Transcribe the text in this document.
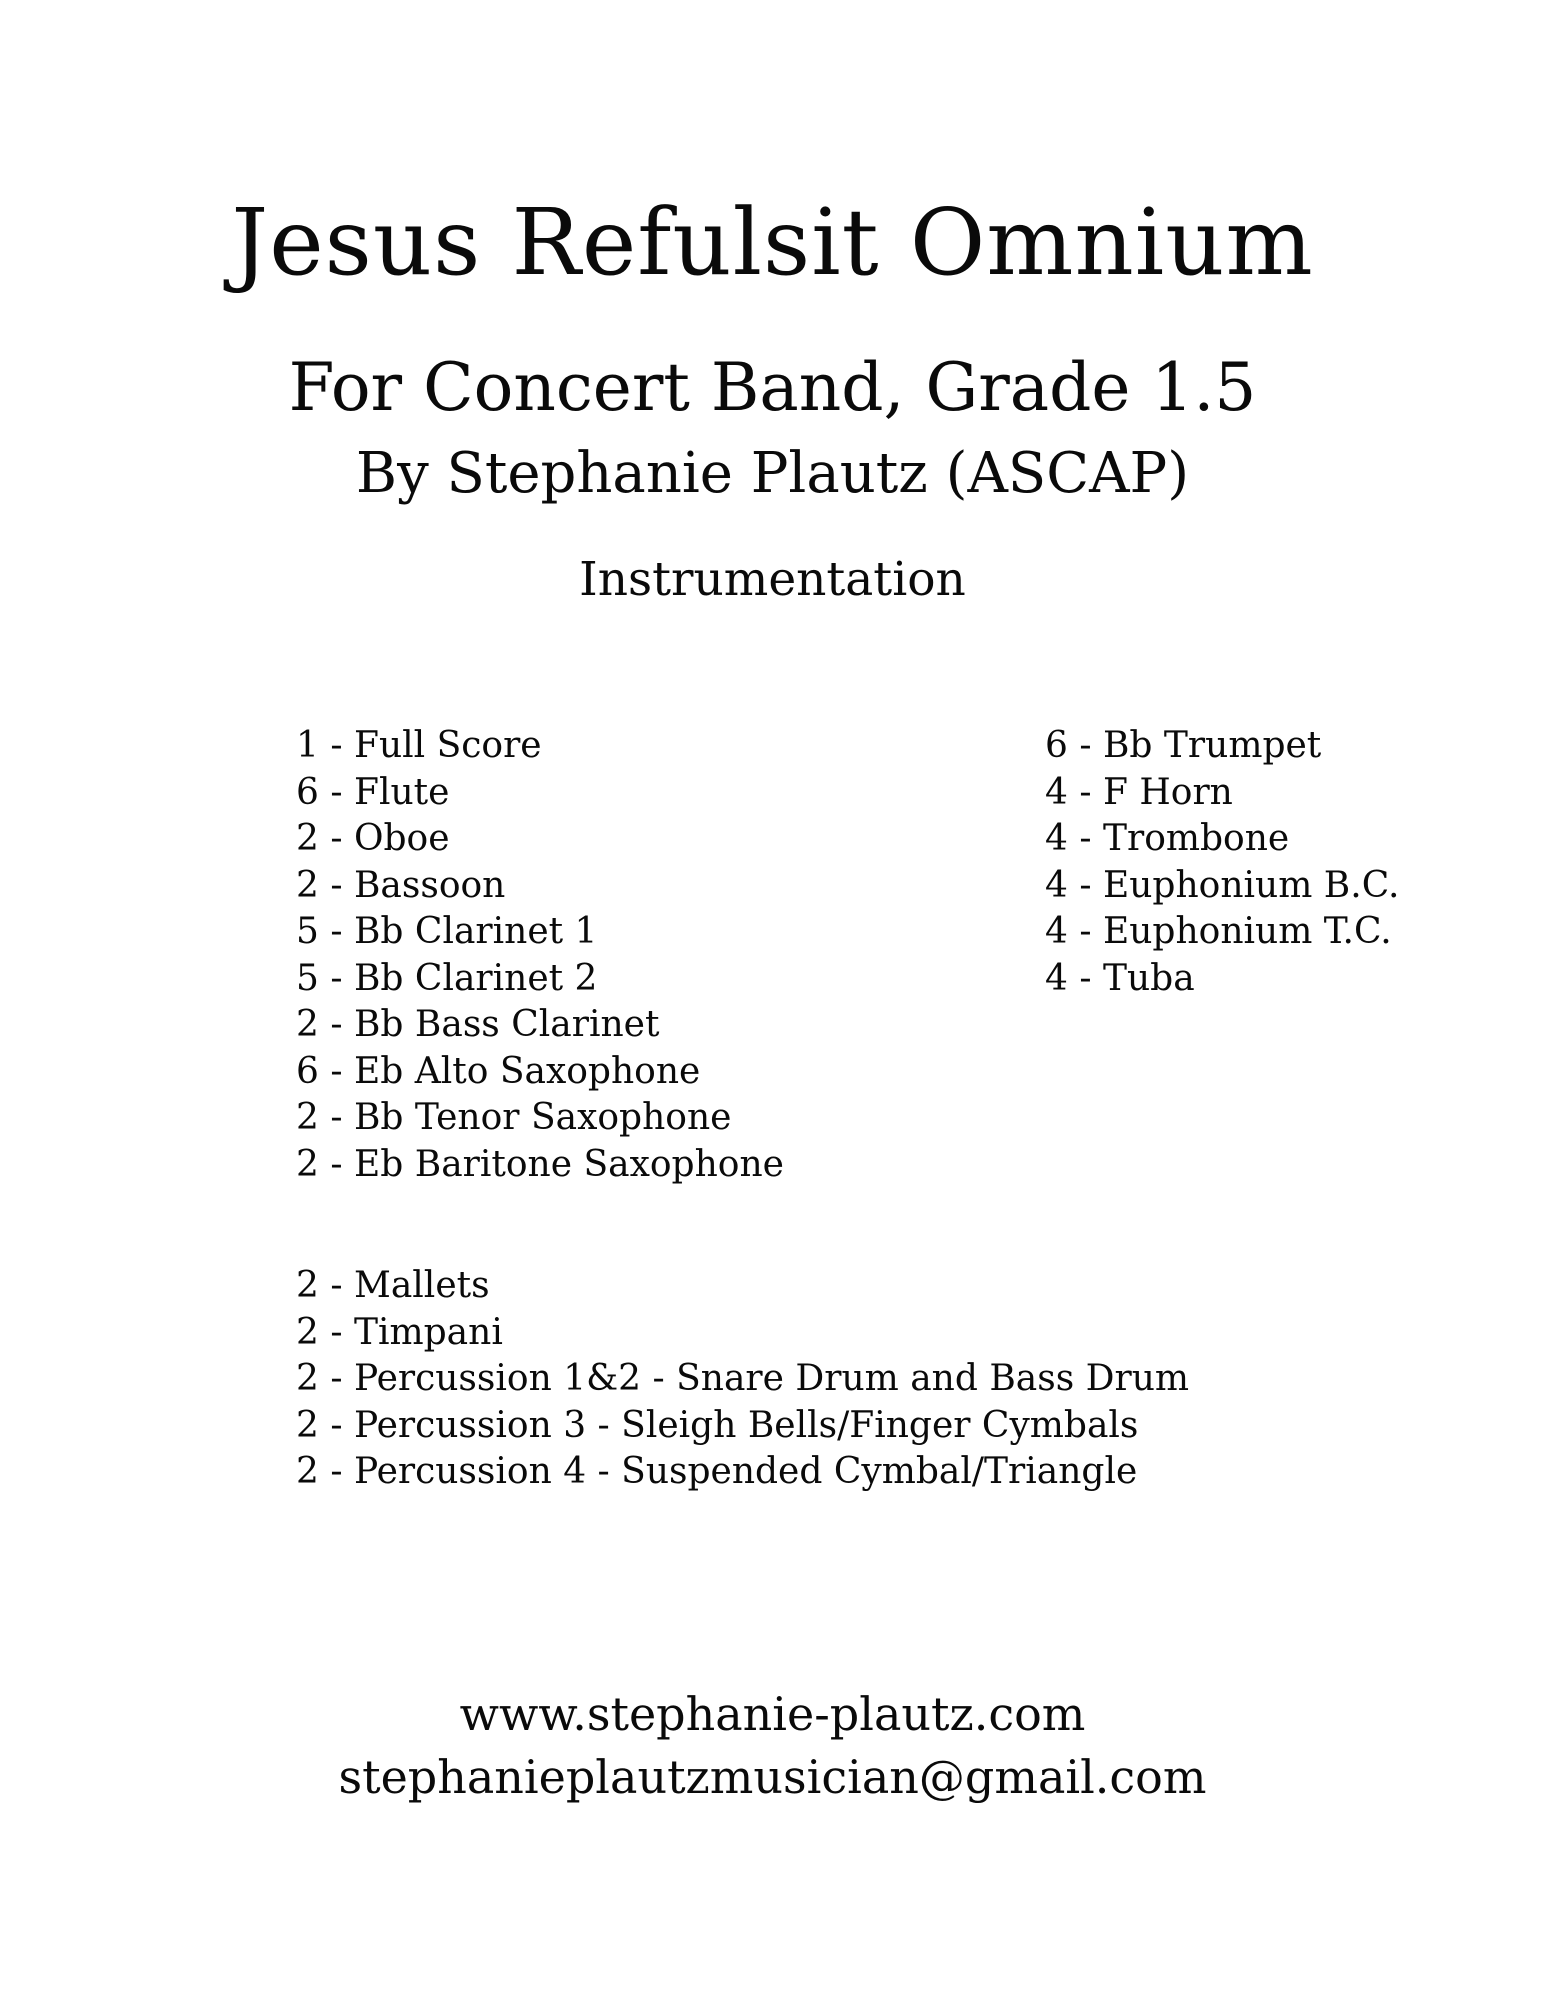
Jesus Refulsit Omnium
For Concert Band, Grade 1.5
By Stephanie Plautz (ASCAP)
Instrumentation
1 - Full Score
6 - Flute
2 - Oboe
2 - Bassoon
5 - Bb Clarinet 1
5 - Bb Clarinet 2
2 - Bb Bass Clarinet
6 - Eb Alto Saxophone
2 - Bb Tenor Saxophone
2 - Eb Baritone Saxophone
6 - Bb Trumpet
4 - F Horn
4 - Trombone
4 - Euphonium B.C.
4 - Euphonium T.C.
4 - Tuba
2 - Mallets
2 - Timpani
2 - Percussion 1&2 - Snare Drum and Bass Drum
2 - Percussion 3 - Sleigh Bells/Finger Cymbals
2 - Percussion 4 - Suspended Cymbal/Triangle
www.stephanie-plautz.com
stephanieplautzmusician@gmail.com
